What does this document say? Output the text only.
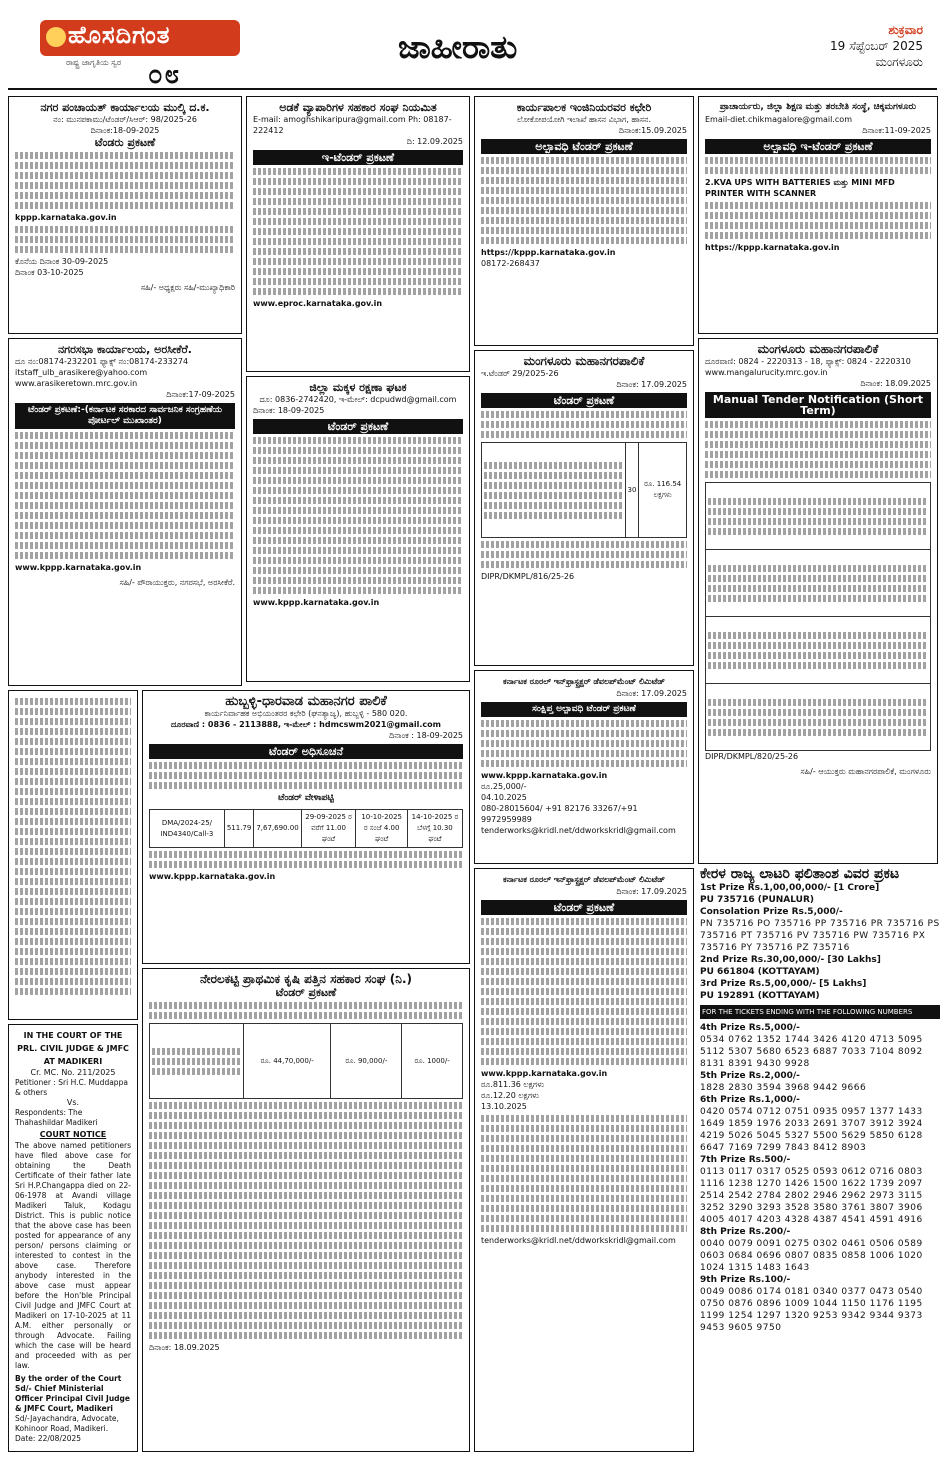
ಹೊಸದಿಗಂತ
ರಾಷ್ಟ್ರ ಜಾಗೃತಿಯ ಸ್ವರ ೦೮
ಜಾಹೀರಾತು	ಶುಕ್ರವಾರ
19 ಸೆಪ್ಟೆಂಬರ್ 2025
ಮಂಗಳೂರು
ನಗರ ಪಂಚಾಯತ್ ಕಾರ್ಯಾಲಯ ಮುಲ್ಕಿ ದ.ಕ.
ನಂ: ಮುನಪಕಾಮು/ಟೆಂಡರ್/ಸಿಆರ್: 98/2025-26
ದಿನಾಂಕ:18-09-2025
ಟೆಂಡರು ಪ್ರಕಟಣೆ
kppp.karnataka.gov.in
ಕೊನೆಯ ದಿನಾಂಕ 30-09-2025
ದಿನಾಂಕ 03-10-2025
ಸಹಿ/- ಅಧ್ಯಕ್ಷರು ಸಹಿ/-ಮುಖ್ಯಾಧಿಕಾರಿ
ಅಡಕೆ ವ್ಯಾಪಾರಿಗಳ ಸಹಕಾರ ಸಂಘ ನಿಯಮಿತ
E-mail: amoghshikaripura@gmail.com Ph: 08187-222412
ದಿ: 12.09.2025
ಇ-ಟೆಂಡರ್ ಪ್ರಕಟಣೆ
www.eproc.karnataka.gov.in
ಕಾರ್ಯಪಾಲಕ ಇಂಜಿನಿಯರವರ ಕಛೇರಿ
ಲೋಕೋಪಯೋಗಿ ಇಲಾಖೆ ಹಾಸನ ವಿಭಾಗ, ಹಾಸನ.
ದಿನಾಂಕ:15.09.2025
ಅಲ್ಪಾವಧಿ ಟೆಂಡರ್ ಪ್ರಕಟಣೆ
https://kppp.karnataka.gov.in
08172-268437
ಪ್ರಾಚಾರ್ಯರು, ಜಿಲ್ಲಾ ಶಿಕ್ಷಣ ಮತ್ತು ತರಬೇತಿ ಸಂಸ್ಥೆ, ಚಿಕ್ಕಮಗಳೂರು
Email-diet.chikmagalore@gmail.com
ದಿನಾಂಕ:11-09-2025
ಅಲ್ಪಾವಧಿ ಇ-ಟೆಂಡರ್ ಪ್ರಕಟಣೆ
2.KVA UPS WITH BATTERIES ಮತ್ತು MINI MFD PRINTER WITH SCANNER
https://kppp.karnataka.gov.in
ನಗರಸಭಾ ಕಾರ್ಯಾಲಯ, ಅರಸೀಕೆರೆ.
ದೂ ನಂ:08174-232201 ಫ್ಯಾಕ್ಸ್ ನಂ:08174-233274
itstaff_ulb_arasikere@yahoo.com
www.arasikeretown.mrc.gov.in
ದಿನಾಂಕ:17-09-2025
ಟೆಂಡರ್ ಪ್ರಕಟಣೆ:-(ಕರ್ನಾಟಕ ಸರಕಾರದ ಸಾರ್ವಜನಿಕ ಸಂಗ್ರಹಣೆಯ ಪೋರ್ಟಲ್ ಮುಖಾಂತರ)
www.kppp.karnataka.gov.in
ಸಹಿ/- ಪೌರಾಯುಕ್ತರು, ನಗರಸಭೆ, ಅರಸೀಕೆರೆ.
ಜಿಲ್ಲಾ ಮಕ್ಕಳ ರಕ್ಷಣಾ ಘಟಕ
ದೂ: 0836-2742420, ಇ-ಮೇಲ್: dcpudwd@gmail.com
ದಿನಾಂಕ: 18-09-2025
ಟೆಂಡರ್ ಪ್ರಕಟಣೆ
www.kppp.karnataka.gov.in
ಮಂಗಳೂರು ಮಹಾನಗರಪಾಲಿಕೆ
ಇ.ಟೆಂಡರ್ 29/2025-26
ದಿನಾಂಕ: 17.09.2025
ಟೆಂಡರ್ ಪ್ರಕಟಣೆ
	30	ರೂ. 116.54 ಲಕ್ಷಗಳು
DIPR/DKMPL/816/25-26
ಮಂಗಳೂರು ಮಹಾನಗರಪಾಲಿಕೆ
ದೂರವಾಣಿ: 0824 - 2220313 - 18, ಫ್ಯಾಕ್ಸ್: 0824 - 2220310
www.mangalurucity.mrc.gov.in
ದಿನಾಂಕ: 18.09.2025
Manual Tender Notification (Short Term)

DIPR/DKMPL/820/25-26
ಸಹಿ/- ಆಯುಕ್ತರು ಮಹಾನಗರಪಾಲಿಕೆ, ಮಂಗಳೂರು
ಹುಬ್ಬಳ್ಳಿ-ಧಾರವಾಡ ಮಹಾನಗರ ಪಾಲಿಕೆ
ಕಾರ್ಯನಿರ್ವಾಹಕ ಅಭಿಯಂತರರ ಕಛೇರಿ (ಘನತ್ಯಾಜ್ಯ), ಹುಬ್ಬಳ್ಳಿ - 580 020.
ದೂರವಾಣಿ : 0836 - 2113888, ಇ-ಮೇಲ್ : hdmcswm2021@gmail.com
ದಿನಾಂಕ : 18-09-2025
ಟೆಂಡರ್ ಅಧಿಸೂಚನೆ
ಟೆಂಡರ್ ವೇಳಾಪಟ್ಟಿ
DMA/2024-25/ IND4340/Call-3	511.79	7,67,690.00	29-09-2025 ರ ವರೆಗೆ 11.00 ಘಂಟೆ	10-10-2025 ರ ಸಂಜೆ 4.00 ಘಂಟೆ	14-10-2025 ರ ಬೆಳಗ್ಗೆ 10.30 ಘಂಟೆ
www.kppp.karnataka.gov.in
ಕರ್ನಾಟಕ ರೂರಲ್ ಇನ್‌ಫ್ರಾಸ್ಟ್ರಕ್ಚರ್ ಡೆವಲಪ್‌ಮೆಂಟ್ ಲಿಮಿಟೆಡ್
ದಿನಾಂಕ: 17.09.2025
ಸಂಕ್ಷಿಪ್ತ ಅಲ್ಪಾವಧಿ ಟೆಂಡರ್ ಪ್ರಕಟಣೆ
www.kppp.karnataka.gov.in
ರೂ.25,000/-
04.10.2025
080-28015604/ +91 82176 33267/+91 9972959989
tenderworks@kridl.net/ddworkskridl@gmail.com
IN THE COURT OF THE PRL. CIVIL JUDGE & JMFC AT MADIKERI
Cr. MC. No. 211/2025
Petitioner : Sri H.C. Muddappa & others
Vs.
Respondents: The Thahashildar Madikeri
COURT NOTICE
The above named petitioners have filed above case for obtaining the Death Certificate of their father late Sri H.P.Changappa died on 22-06-1978 at Avandi village Madikeri Taluk, Kodagu District. This is public notice that the above case has been posted for appearance of any person/ persons claiming or interested to contest in the above case. Therefore anybody interested in the above case must appear before the Hon'ble Principal Civil Judge and JMFC Court at Madikeri on 17-10-2025 at 11 A.M. either personally or through Advocate. Failing which the case will be heard and proceeded with as per law.
By the order of the Court Sd/- Chief Ministerial Officer Principal Civil Judge & JMFC Court, Madikeri
Sd/-Jayachandra, Advocate, Kohinoor Road, Madikeri.
Date: 22/08/2025
ನೇರಲಕಟ್ಟಿ ಪ್ರಾಥಮಿಕ ಕೃಷಿ ಪತ್ತಿನ ಸಹಕಾರ ಸಂಘ (ನಿ.)
ಟೆಂಡರ್ ಪ್ರಕಟಣೆ
	ರೂ. 44,70,000/-	ರೂ. 90,000/-	ರೂ. 1000/-
ದಿನಾಂಕ: 18.09.2025
ಕರ್ನಾಟಕ ರೂರಲ್ ಇನ್‌ಫ್ರಾಸ್ಟ್ರಕ್ಚರ್ ಡೆವಲಪ್‌ಮೆಂಟ್ ಲಿಮಿಟೆಡ್
ದಿನಾಂಕ: 17.09.2025
ಟೆಂಡರ್ ಪ್ರಕಟಣೆ
www.kppp.karnataka.gov.in
ರೂ.811.36 ಲಕ್ಷಗಳು
ರೂ.12.20 ಲಕ್ಷಗಳು
13.10.2025
tenderworks@kridl.net/ddworkskridl@gmail.com
ಕೇರಳ ರಾಜ್ಯ ಲಾಟರಿ ಫಲಿತಾಂಶ ವಿವರ ಪ್ರಕಟ
1st Prize Rs.1,00,00,000/- [1 Crore]
PU 735716 (PUNALUR)
Consolation Prize Rs.5,000/-
PN 735716 PO 735716 PP 735716 PR 735716 PS 735716 PT 735716 PV 735716 PW 735716 PX 735716 PY 735716 PZ 735716
2nd Prize Rs.30,00,000/- [30 Lakhs]
PU 661804 (KOTTAYAM)
3rd Prize Rs.5,00,000/- [5 Lakhs]
PU 192891 (KOTTAYAM)
FOR THE TICKETS ENDING WITH THE FOLLOWING NUMBERS
4th Prize Rs.5,000/-
0534 0762 1352 1744 3426 4120 4713 5095 5112 5307 5680 6523 6887 7033 7104 8092 8131 8391 9430 9928
5th Prize Rs.2,000/-
1828 2830 3594 3968 9442 9666
6th Prize Rs.1,000/-
0420 0574 0712 0751 0935 0957 1377 1433 1649 1859 1976 2033 2691 3707 3912 3924 4219 5026 5045 5327 5500 5629 5850 6128 6647 7169 7299 7843 8412 8903
7th Prize Rs.500/-
0113 0117 0317 0525 0593 0612 0716 0803 1116 1238 1270 1426 1500 1622 1739 2097 2514 2542 2784 2802 2946 2962 2973 3115 3252 3290 3293 3528 3580 3761 3807 3906 4005 4017 4203 4328 4387 4541 4591 4916
8th Prize Rs.200/-
0040 0079 0091 0275 0302 0461 0506 0589 0603 0684 0696 0807 0835 0858 1006 1020 1024 1315 1483 1643
9th Prize Rs.100/-
0049 0086 0174 0181 0340 0377 0473 0540 0750 0876 0896 1009 1044 1150 1176 1195 1199 1254 1297 1320 9253 9342 9344 9373 9453 9605 9750
